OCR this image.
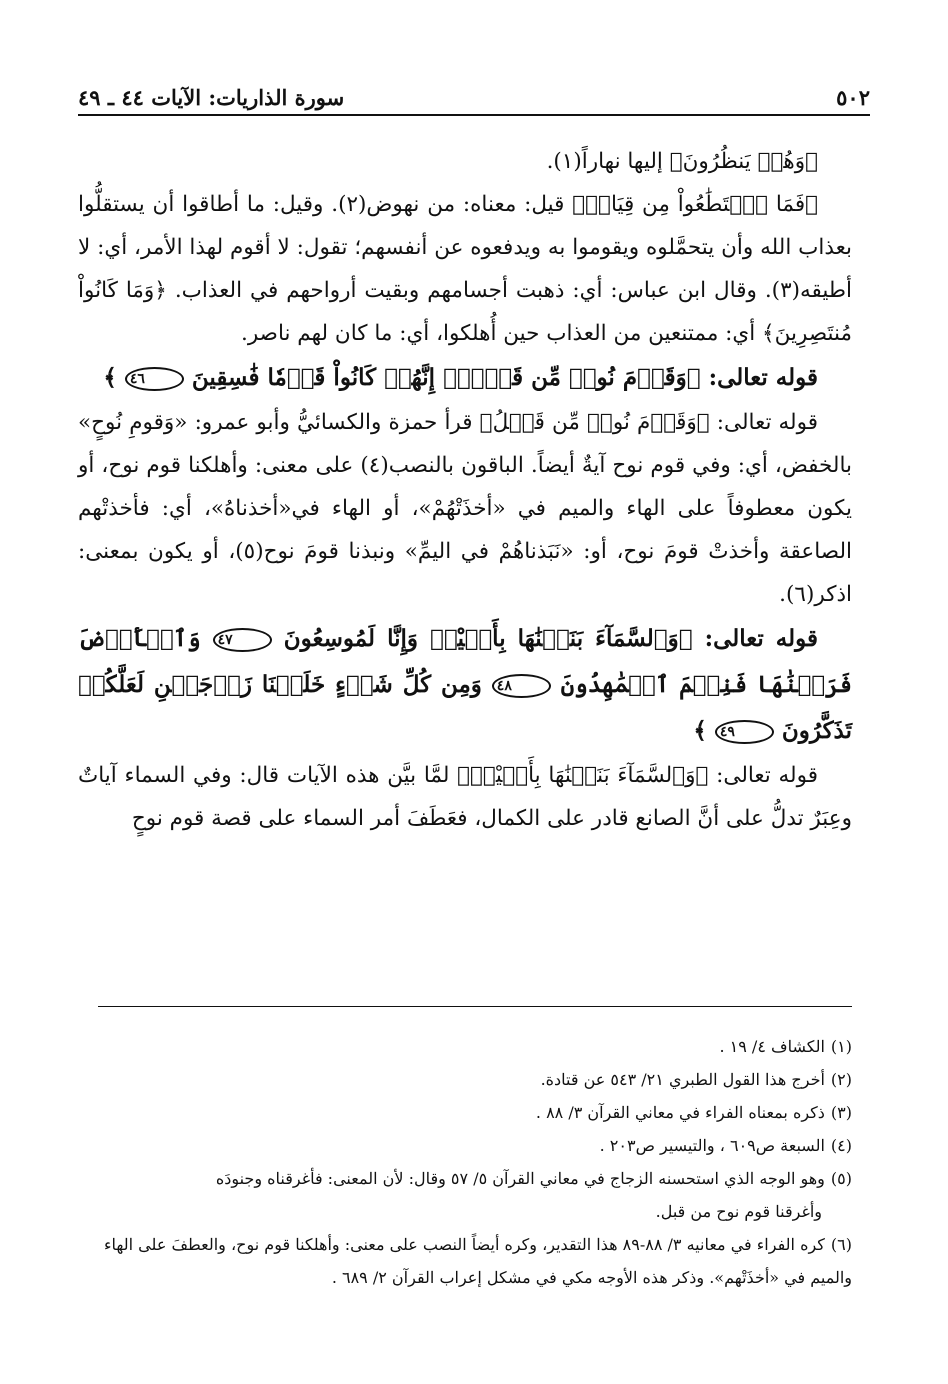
٥٠٢
سورة الذاريات: الآيات ٤٤ ـ ٤٩

﴿وَهُمۡ يَنظُرُونَ﴾ إليها نهاراً(١).

﴿فَمَا ٱسۡتَطَٰعُواْ مِن قِيَامٖ﴾ قيل: معناه: من نهوض(٢). وقيل: ما أطاقوا أن يستقلُّوا بعذاب الله وأن يتحمَّلوه ويقوموا به ويدفعوه عن أنفسهم؛ تقول: لا أقوم لهذا الأمر، أي: لا أطيقه(٣). وقال ابن عباس: أي: ذهبت أجسامهم وبقيت أرواحهم في العذاب. ﴿وَمَا كَانُواْ مُنتَصِرِينَ﴾ أي: ممتنعين من العذاب حين أُهلكوا، أي: ما كان لهم ناصر.

قوله تعالى: ﴿وَقَوۡمَ نُوحٖ مِّن قَبۡلُۖ إِنَّهُمۡ كَانُواْ قَوۡمٗا فَٰسِقِينَ ٤٦ ﴾

قوله تعالى: ﴿وَقَوۡمَ نُوحٖ مِّن قَبۡلُ﴾ قرأ حمزة والكسائيُّ وأبو عمرو: «وَقومِ نُوحٍ» بالخفض، أي: وفي قوم نوح آيةٌ أيضاً. الباقون بالنصب(٤) على معنى: وأهلكنا قوم نوح، أو يكون معطوفاً على الهاء والميم في «أخذَتْهُمْ»، أو الهاء في«أخذناهُ»، أي: فأخذتْهم الصاعقة وأخذتْ قومَ نوح، أو: «نَبَذناهُمْ في اليمِّ» ونبذنا قومَ نوح(٥)، أو يكون بمعنى: اذكر(٦).

قوله تعالى: ﴿وَٱلسَّمَآءَ بَنَيۡنَٰهَا بِأَيۡيْدٖ وَإِنَّا لَمُوسِعُونَ ٤٧ وَٱلۡأَرۡضَ فَرَشۡنَٰهَا فَنِعۡمَ ٱلۡمَٰهِدُونَ ٤٨ وَمِن كُلِّ شَيۡءٍ خَلَقۡنَا زَوۡجَيۡنِ لَعَلَّكُمۡ تَذَكَّرُونَ ٤٩ ﴾

قوله تعالى: ﴿وَٱلسَّمَآءَ بَنَيۡنَٰهَا بِأَيۡيْدٖ﴾ لمَّا بيَّن هذه الآيات قال: وفي السماء آياتٌ وعِبَرٌ تدلُّ على أنَّ الصانع قادر على الكمال، فعَطَفَ أمر السماء على قصة قوم نوحٍ

(١)الكشاف ٤/ ١٩ .

(٢)أخرج هذا القول الطبري ٢١/ ٥٤٣ عن قتادة.

(٣)ذكره بمعناه الفراء في معاني القرآن ٣/ ٨٨ .

(٤)السبعة ص٦٠٩ ، والتيسير ص٢٠٣ .

(٥)وهو الوجه الذي استحسنه الزجاج في معاني القرآن ٥/ ٥٧ وقال: لأن المعنى: فأغرقناه وجنودَه

وأغرقنا قوم نوح من قبل.

(٦)كره الفراء في معانيه ٣/ ٨٨-٨٩ هذا التقدير، وكره أيضاً النصب على معنى: وأهلكنا قوم نوح، والعطفَ على الهاء والميم في «أخذَتْهم». وذكر هذه الأوجه مكي في مشكل إعراب القرآن ٢/ ٦٨٩ .
